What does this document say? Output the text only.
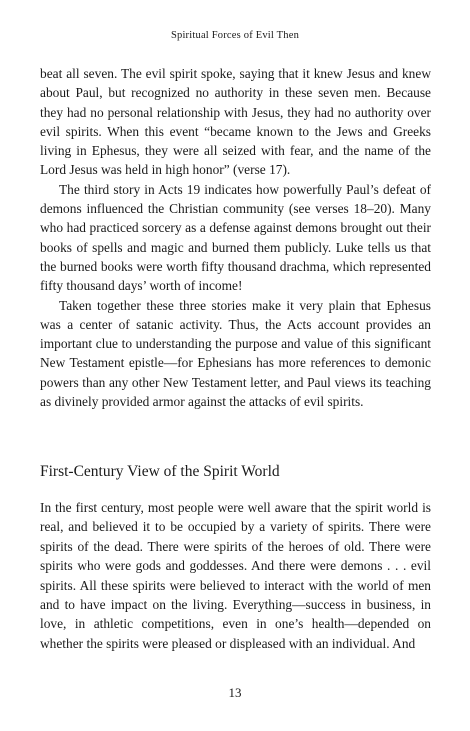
Spiritual Forces of Evil Then

beat all seven. The evil spirit spoke, saying that it knew Jesus and knew about Paul, but recognized no authority in these seven men. Because they had no personal relationship with Jesus, they had no authority over evil spirits. When this event “became known to the Jews and Greeks living in Ephesus, they were all seized with fear, and the name of the Lord Jesus was held in high honor” (verse 17).

The third story in Acts 19 indicates how powerfully Paul’s defeat of demons influenced the Christian community (see verses 18–20). Many who had practiced sorcery as a defense against demons brought out their books of spells and magic and burned them publicly. Luke tells us that the burned books were worth fifty thousand drachma, which represented fifty thousand days’ worth of income!

Taken together these three stories make it very plain that Ephesus was a center of satanic activity. Thus, the Acts account provides an important clue to understanding the purpose and value of this significant New Testament epistle—for Ephesians has more references to demonic powers than any other New Testament letter, and Paul views its teaching as divinely provided armor against the attacks of evil spirits.

First-Century View of the Spirit World

In the first century, most people were well aware that the spirit world is real, and believed it to be occupied by a variety of spirits. There were spirits of the dead. There were spirits of the heroes of old. There were spirits who were gods and goddesses. And there were demons . . . evil spirits. All these spirits were believed to interact with the world of men and to have impact on the living. Everything—success in business, in love, in athletic competitions, even in one’s health—depended on whether the spirits were pleased or displeased with an individual. And

13
